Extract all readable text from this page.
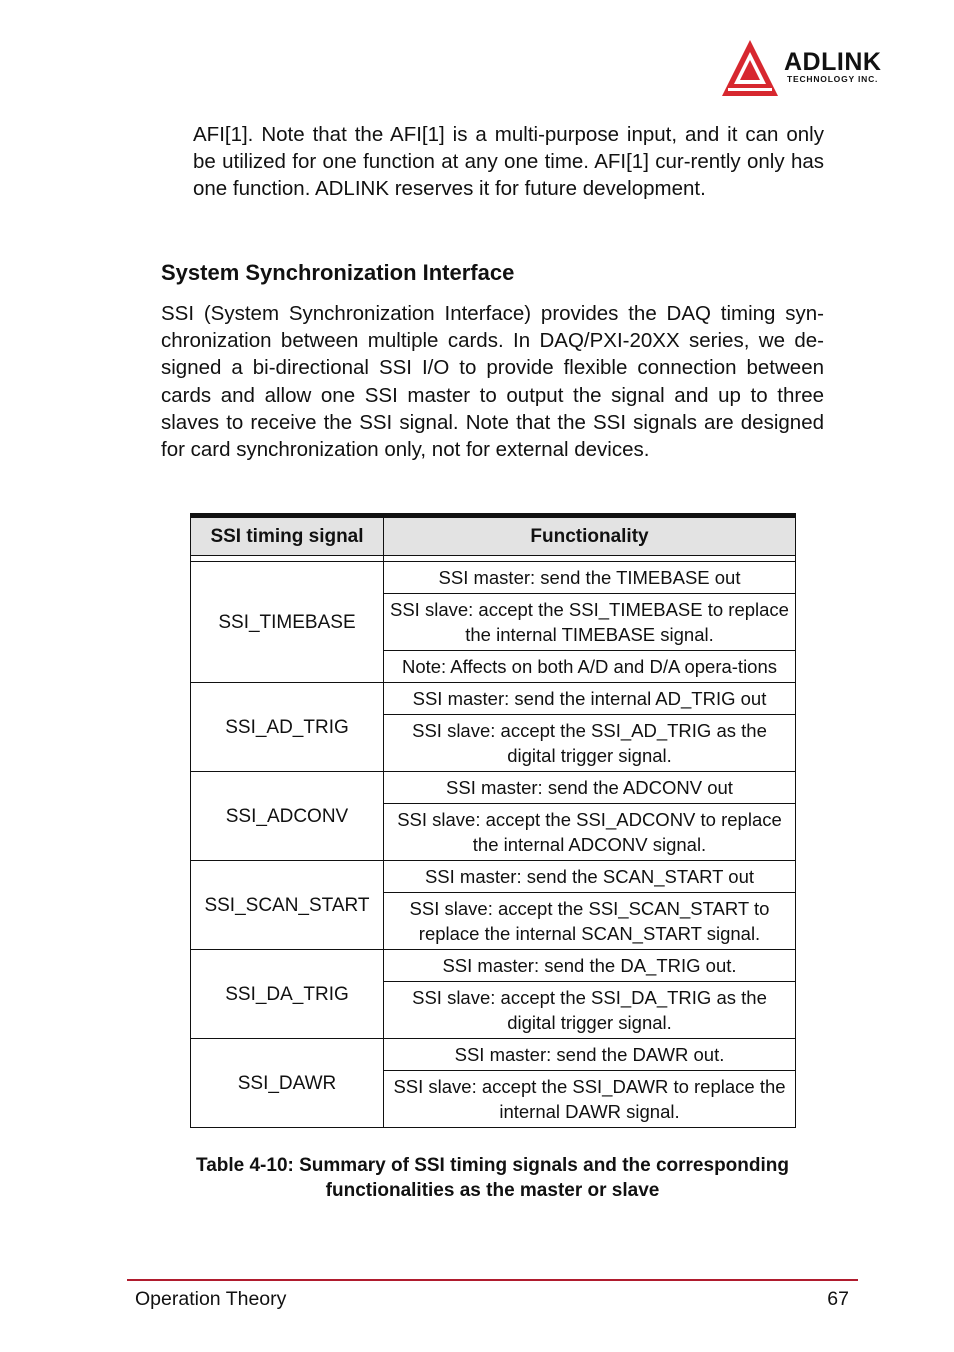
ADLINK
TECHNOLOGY INC.

AFI[1]. Note that the AFI[1] is a multi-purpose input, and it can only be utilized for one function at any one time. AFI[1] cur-rently only has one function. ADLINK reserves it for future development.

System Synchronization Interface

SSI (System Synchronization Interface) provides the DAQ timing syn-chronization between multiple cards. In DAQ/PXI-20XX series, we de-signed a bi-directional SSI I/O to provide flexible connection between cards and allow one SSI master to output the signal and up to three slaves to receive the SSI signal. Note that the SSI signals are designed for card synchronization only, not for external devices.

SSI timing signal	Functionality

SSI_TIMEBASE	SSI master: send the TIMEBASE out
	SSI slave: accept the SSI_TIMEBASE to replace the internal TIMEBASE signal.
	Note: Affects on both A/D and D/A opera-tions
SSI_AD_TRIG	SSI master: send the internal AD_TRIG out
	SSI slave: accept the SSI_AD_TRIG as the digital trigger signal.
SSI_ADCONV	SSI master: send the ADCONV out
	SSI slave: accept the SSI_ADCONV to replace the internal ADCONV signal.
SSI_SCAN_START	SSI master: send the SCAN_START out
	SSI slave: accept the SSI_SCAN_START to replace the internal SCAN_START signal.
SSI_DA_TRIG	SSI master: send the DA_TRIG out.
	SSI slave: accept the SSI_DA_TRIG as the digital trigger signal.
SSI_DAWR	SSI master: send the DAWR out.
	SSI slave: accept the SSI_DAWR to replace the internal DAWR signal.

Table 4-10: Summary of SSI timing signals and the corresponding
functionalities as the master or slave

Operation Theory	67
